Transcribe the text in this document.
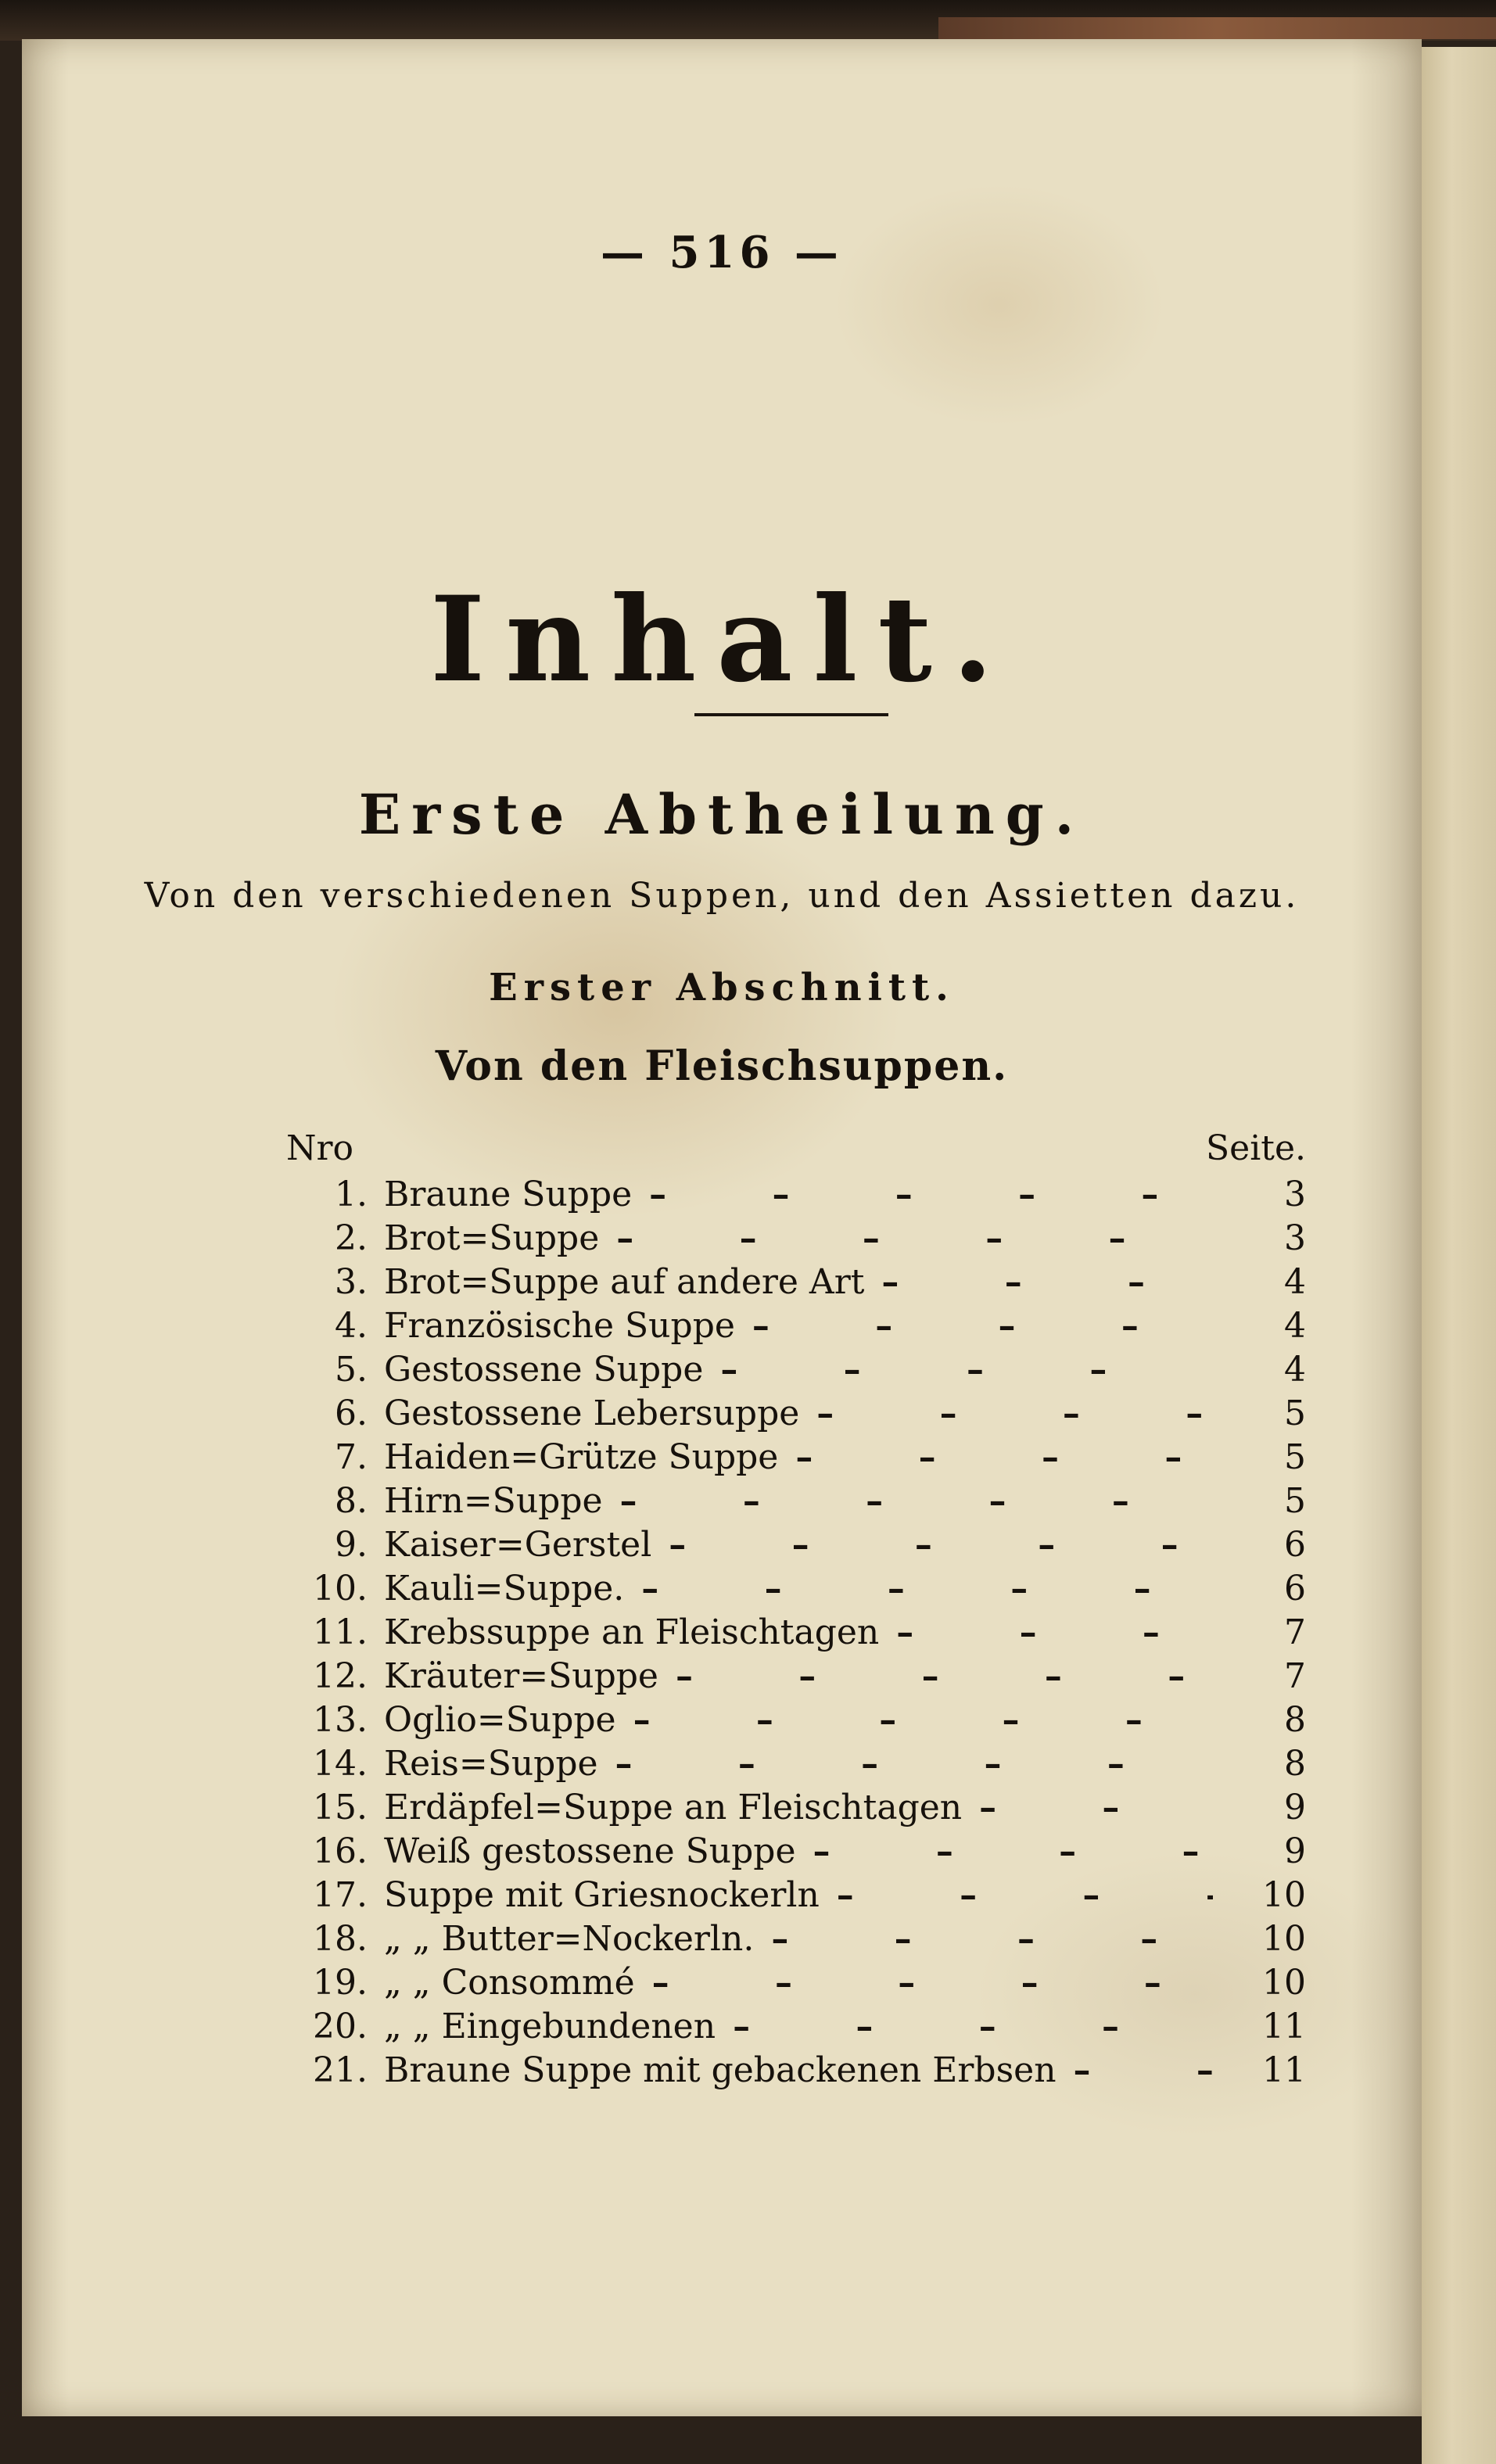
— 516 —
Inhalt.
Erste Abtheilung.
Von den verschiedenen Suppen, und den Assietten dazu.
Erster Abschnitt.
Von den Fleischsuppen.
Nro	Seite.
1. Braune Suppe – – –	3
2. Brot=Suppe – – –	3
3. Brot=Suppe auf andere Art – – –	4
4. Französische Suppe – – –	4
5. Gestossene Suppe – – –	4
6. Gestossene Lebersuppe – – –	5
7. Haiden=Grütze Suppe – – –	5
8. Hirn=Suppe – – –	5
9. Kaiser=Gerstel – – –	6
10. Kauli=Suppe. – – –	6
11. Krebssuppe an Fleischtagen – – –	7
12. Kräuter=Suppe – – –	7
13. Oglio=Suppe – – –	8
14. Reis=Suppe – – –	8
15. Erdäpfel=Suppe an Fleischtagen – – –	9
16. Weiß gestossene Suppe – – –	9
17. Suppe mit Griesnockerln – – –	10
18. „ „ Butter=Nockerln. – – –	10
19. „ „ Consommé – – –	10
20. „ „ Eingebundenen – – –	11
21. Braune Suppe mit gebackenen Erbsen – – –	11
